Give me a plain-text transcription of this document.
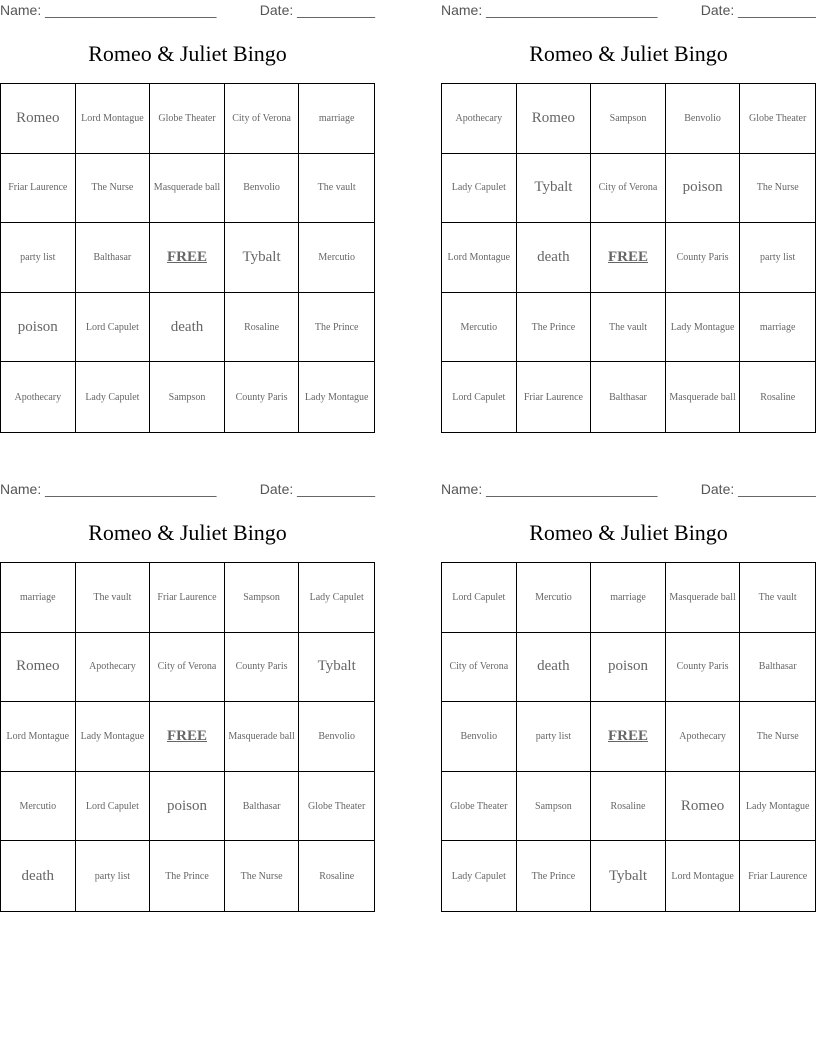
Name: ______________________	Date: __________
Romeo & Juliet Bingo
Romeo	Lord Montague	Globe Theater	City of Verona	marriage
Friar Laurence	The Nurse	Masquerade ball	Benvolio	The vault
party list	Balthasar	FREE	Tybalt	Mercutio
poison	Lord Capulet	death	Rosaline	The Prince
Apothecary	Lady Capulet	Sampson	County Paris	Lady Montague
Name: ______________________	Date: __________
Romeo & Juliet Bingo
Apothecary	Romeo	Sampson	Benvolio	Globe Theater
Lady Capulet	Tybalt	City of Verona	poison	The Nurse
Lord Montague	death	FREE	County Paris	party list
Mercutio	The Prince	The vault	Lady Montague	marriage
Lord Capulet	Friar Laurence	Balthasar	Masquerade ball	Rosaline
Name: ______________________	Date: __________
Romeo & Juliet Bingo
marriage	The vault	Friar Laurence	Sampson	Lady Capulet
Romeo	Apothecary	City of Verona	County Paris	Tybalt
Lord Montague	Lady Montague	FREE	Masquerade ball	Benvolio
Mercutio	Lord Capulet	poison	Balthasar	Globe Theater
death	party list	The Prince	The Nurse	Rosaline
Name: ______________________	Date: __________
Romeo & Juliet Bingo
Lord Capulet	Mercutio	marriage	Masquerade ball	The vault
City of Verona	death	poison	County Paris	Balthasar
Benvolio	party list	FREE	Apothecary	The Nurse
Globe Theater	Sampson	Rosaline	Romeo	Lady Montague
Lady Capulet	The Prince	Tybalt	Lord Montague	Friar Laurence
